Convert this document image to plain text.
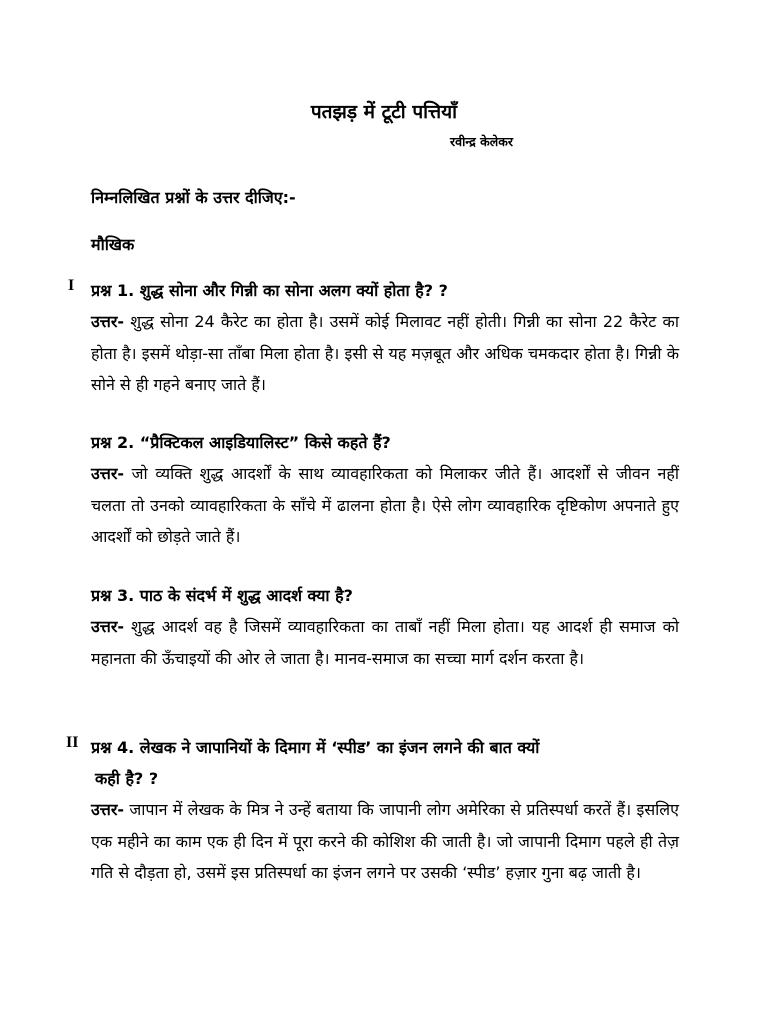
पतझड़ में टूटी पत्तियाँ
रवीन्द्र केलेकर
निम्नलिखित प्रश्नों के उत्तर दीजिए:-
मौखिक
I प्रश्न 1. शुद्ध सोना और गिन्नी का सोना अलग क्यों होता है? ?

उत्तर- शुद्ध सोना 24 कैरेट का होता है। उसमें कोई मिलावट नहीं होती। गिन्नी का सोना 22 कैरेट का होता है। इसमें थोड़ा-सा ताँबा मिला होता है। इसी से यह मज़बूत और अधिक चमकदार होता है। गिन्नी के सोने से ही गहने बनाए जाते हैं।

प्रश्न 2. “प्रैक्टिकल आइडियालिस्ट” किसे कहते हैं?

उत्तर- जो व्यक्ति शुद्ध आदर्शों के साथ व्यावहारिकता को मिलाकर जीते हैं। आदर्शों से जीवन नहीं चलता तो उनको व्यावहारिकता के साँचे में ढालना होता है। ऐसे लोग व्यावहारिक दृष्टिकोण अपनाते हुए आदर्शों को छोड़ते जाते हैं।

प्रश्न 3. पाठ के संदर्भ में शुद्ध आदर्श क्या है?

उत्तर- शुद्ध आदर्श वह है जिसमें व्यावहारिकता का ताबाँ नहीं मिला होता। यह आदर्श ही समाज को महानता की ऊँचाइयों की ओर ले जाता है। मानव-समाज का सच्चा मार्ग दर्शन करता है।

II प्रश्न 4. लेखक ने जापानियों के दिमाग में ‘स्पीड’ का इंजन लगने की बात क्यों
कही है? ?

उत्तर- जापान में लेखक के मित्र ने उन्हें बताया कि जापानी लोग अमेरिका से प्रतिस्पर्धा करतें हैं। इसलिए एक महीने का काम एक ही दिन में पूरा करने की कोशिश की जाती है। जो जापानी दिमाग पहले ही तेज़ गति से दौड़ता हो, उसमें इस प्रतिस्पर्धा का इंजन लगने पर उसकी ‘स्पीड’ हज़ार गुना बढ़ जाती है।
